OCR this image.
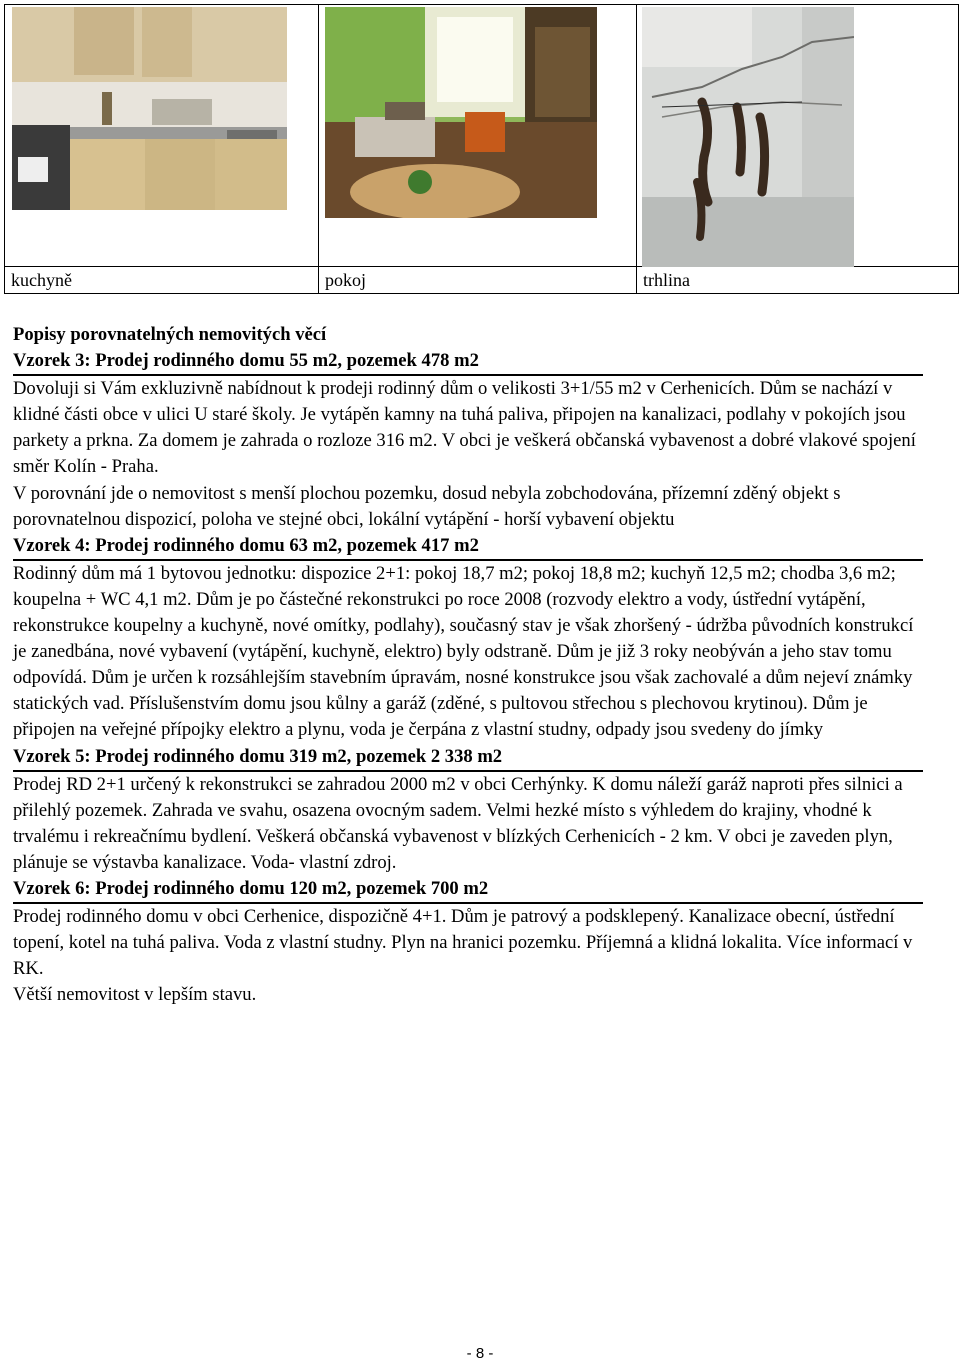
kuchyně	pokoj	trhlina

Popisy porovnatelných nemovitých věcí

Vzorek 3: Prodej rodinného domu 55 m2, pozemek 478 m2

Dovoluji si Vám exkluzivně nabídnout k prodeji rodinný dům o velikosti 3+1/55 m2 v Cerhenicích. Dům se nachází v klidné části obce v ulici U staré školy. Je vytápěn kamny na tuhá paliva, připojen na kanalizaci, podlahy v pokojích jsou parkety a prkna. Za domem je zahrada o rozloze 316 m2. V obci je veškerá občanská vybavenost a dobré vlakové spojení směr Kolín - Praha.

V porovnání jde o nemovitost s menší plochou pozemku, dosud nebyla zobchodována, přízemní zděný objekt s porovnatelnou dispozicí, poloha ve stejné obci, lokální vytápění - horší vybavení objektu

Vzorek 4: Prodej rodinného domu 63 m2, pozemek 417 m2

Rodinný dům má 1 bytovou jednotku: dispozice 2+1: pokoj 18,7 m2; pokoj 18,8 m2; kuchyň 12,5 m2; chodba 3,6 m2; koupelna + WC 4,1 m2. Dům je po částečné rekonstrukci po roce 2008 (rozvody elektro a vody, ústřední vytápění, rekonstrukce koupelny a kuchyně, nové omítky, podlahy), současný stav je však zhoršený - údržba původních konstrukcí je zanedbána, nové vybavení (vytápění, kuchyně, elektro) byly odstraně. Dům je již 3 roky neobýván a jeho stav tomu odpovídá. Dům je určen k rozsáhlejším stavebním úpravám, nosné konstrukce jsou však zachovalé a dům nejeví známky statických vad. Příslušenstvím domu jsou kůlny a garáž (zděné, s pultovou střechou s plechovou krytinou). Dům je připojen na veřejné přípojky elektro a plynu, voda je čerpána z vlastní studny, odpady jsou svedeny do jímky

Vzorek 5: Prodej rodinného domu 319 m2, pozemek 2 338 m2

Prodej RD 2+1 určený k rekonstrukci se zahradou 2000 m2 v obci Cerhýnky. K domu náleží garáž naproti přes silnici a přilehlý pozemek. Zahrada ve svahu, osazena ovocným sadem. Velmi hezké místo s výhledem do krajiny, vhodné k trvalému i rekreačnímu bydlení. Veškerá občanská vybavenost v blízkých Cerhenicích - 2 km. V obci je zaveden plyn, plánuje se výstavba kanalizace. Voda- vlastní zdroj.

Vzorek 6: Prodej rodinného domu 120 m2, pozemek 700 m2

Prodej rodinného domu v obci Cerhenice, dispozičně 4+1. Dům je patrový a podsklepený. Kanalizace obecní, ústřední topení, kotel na tuhá paliva. Voda z vlastní studny. Plyn na hranici pozemku. Příjemná a klidná lokalita. Více informací v RK.

Větší nemovitost v lepším stavu.

- 8 -
